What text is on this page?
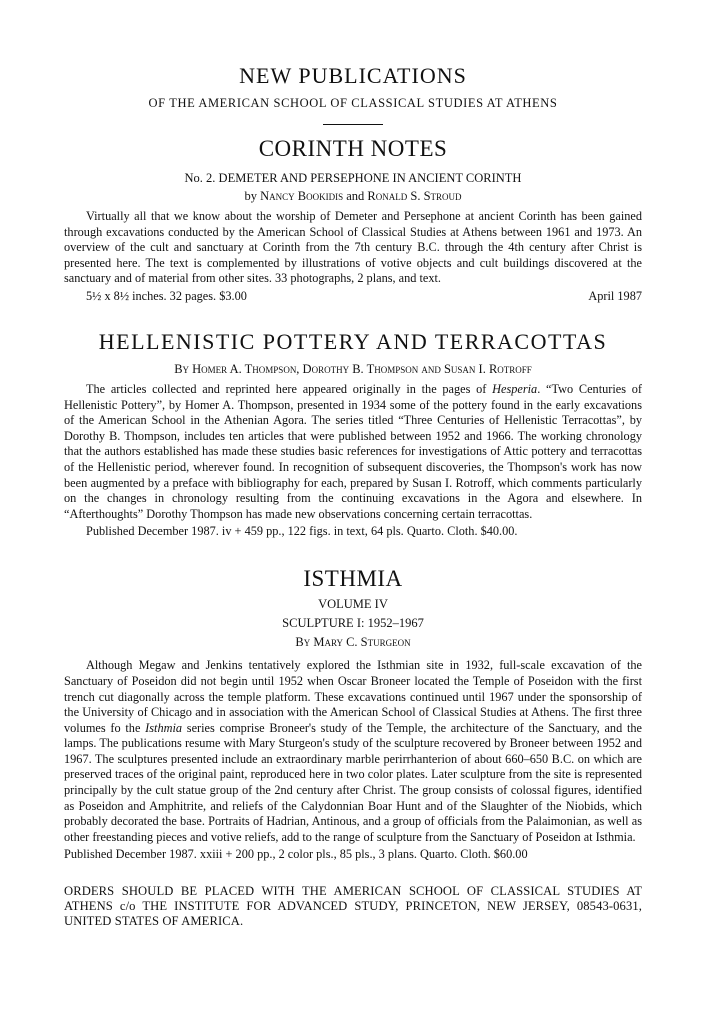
NEW PUBLICATIONS
OF THE AMERICAN SCHOOL OF CLASSICAL STUDIES AT ATHENS
CORINTH NOTES
No. 2. DEMETER AND PERSEPHONE IN ANCIENT CORINTH
by Nancy Bookidis and Ronald S. Stroud

Virtually all that we know about the worship of Demeter and Persephone at ancient Corinth has been gained through excavations conducted by the American School of Classical Studies at Athens between 1961 and 1973. An overview of the cult and sanctuary at Corinth from the 7th century B.C. through the 4th century after Christ is presented here. The text is complemented by illustrations of votive objects and cult buildings discovered at the sanctuary and of material from other sites. 33 photographs, 2 plans, and text.

5½ x 8½ inches. 32 pages. $3.00	April 1987
HELLENISTIC POTTERY AND TERRACOTTAS
By Homer A. Thompson, Dorothy B. Thompson and Susan I. Rotroff

The articles collected and reprinted here appeared originally in the pages of Hesperia. “Two Centuries of Hellenistic Pottery”, by Homer A. Thompson, presented in 1934 some of the pottery found in the early excavations of the American School in the Athenian Agora. The series titled “Three Centuries of Hellenistic Terracottas”, by Dorothy B. Thompson, includes ten articles that were published between 1952 and 1966. The working chronology that the authors established has made these studies basic references for investigations of Attic pottery and terracottas of the Hellenistic period, wherever found. In recognition of subsequent discoveries, the Thompson's work has now been augmented by a preface with bibliography for each, prepared by Susan I. Rotroff, which comments particularly on the changes in chronology resulting from the continuing excavations in the Agora and elsewhere. In “Afterthoughts” Dorothy Thompson has made new observations concerning certain terracottas.

Published December 1987. iv + 459 pp., 122 figs. in text, 64 pls. Quarto. Cloth. $40.00.
ISTHMIA
VOLUME IV
SCULPTURE I: 1952–1967
By Mary C. Sturgeon

Although Megaw and Jenkins tentatively explored the Isthmian site in 1932, full-scale excavation of the Sanctuary of Poseidon did not begin until 1952 when Oscar Broneer located the Temple of Poseidon with the first trench cut diagonally across the temple platform. These excavations continued until 1967 under the sponsorship of the University of Chicago and in association with the American School of Classical Studies at Athens. The first three volumes fo the Isthmia series comprise Broneer's study of the Temple, the architecture of the Sanctuary, and the lamps. The publications resume with Mary Sturgeon's study of the sculpture recovered by Broneer between 1952 and 1967. The sculptures presented include an extraordinary marble perirrhanterion of about 660–650 B.C. on which are preserved traces of the original paint, reproduced here in two color plates. Later sculpture from the site is represented principally by the cult statue group of the 2nd century after Christ. The group consists of colossal figures, identified as Poseidon and Amphitrite, and reliefs of the Calydonnian Boar Hunt and of the Slaughter of the Niobids, which probably decorated the base. Portraits of Hadrian, Antinous, and a group of officials from the Palaimonian, as well as other freestanding pieces and votive reliefs, add to the range of sculpture from the Sanctuary of Poseidon at Isthmia.

Published December 1987. xxiii + 200 pp., 2 color pls., 85 pls., 3 plans. Quarto. Cloth. $60.00
ORDERS SHOULD BE PLACED WITH THE AMERICAN SCHOOL OF CLASSICAL STUDIES AT ATHENS c/o THE INSTITUTE FOR ADVANCED STUDY, PRINCETON, NEW JERSEY, 08543-0631, UNITED STATES OF AMERICA.
